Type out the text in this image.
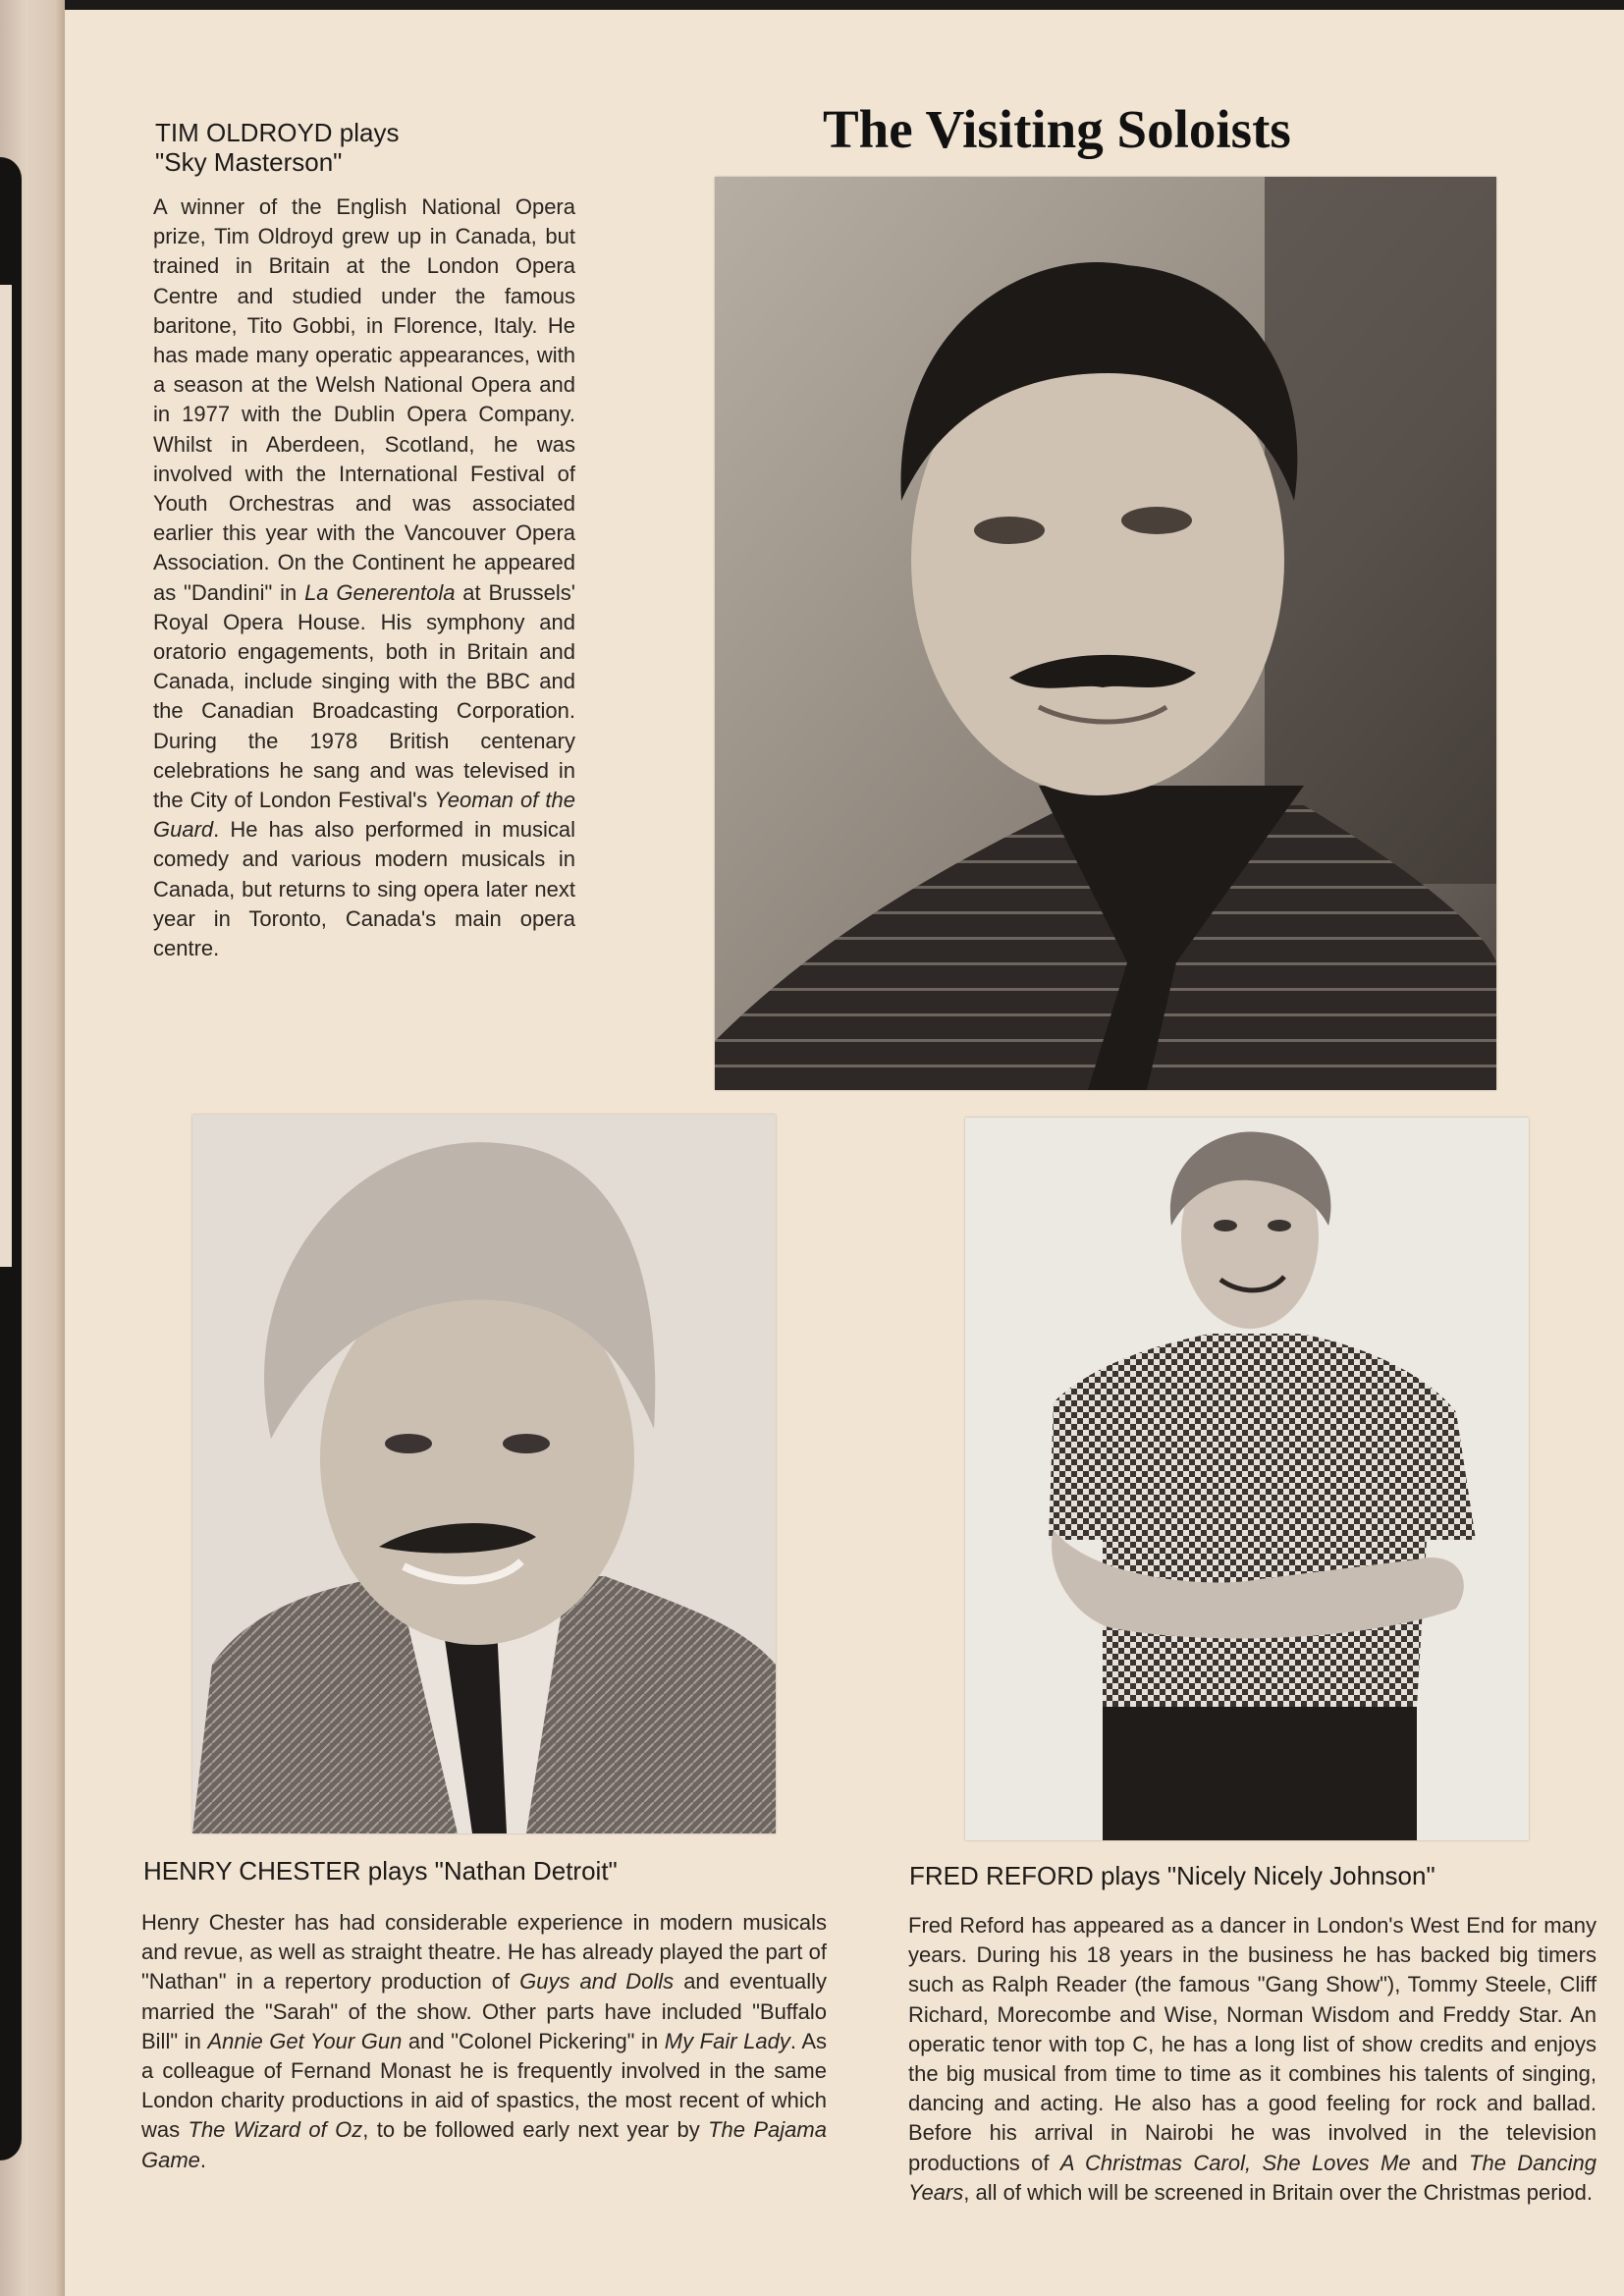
The Visiting Soloists
TIM OLDROYD plays
"Sky Masterson"

A winner of the English National Opera prize, Tim Oldroyd grew up in Canada, but trained in Britain at the London Opera Centre and studied under the famous baritone, Tito Gobbi, in Florence, Italy. He has made many operatic appearances, with a season at the Welsh National Opera and in 1977 with the Dublin Opera Company. Whilst in Aberdeen, Scotland, he was involved with the International Festival of Youth Orchestras and was associated earlier this year with the Vancouver Opera Association. On the Continent he appeared as "Dandini" in La Generentola at Brussels' Royal Opera House. His symphony and oratorio engagements, both in Britain and Canada, include singing with the BBC and the Canadian Broadcasting Corporation. During the 1978 British centenary celebrations he sang and was televised in the City of London Festival's Yeoman of the Guard. He has also performed in musical comedy and various modern musicals in Canada, but returns to sing opera later next year in Toronto, Canada's main opera centre.

HENRY CHESTER plays "Nathan Detroit"

Henry Chester has had considerable experience in modern musicals and revue, as well as straight theatre. He has already played the part of "Nathan" in a repertory production of Guys and Dolls and eventually married the "Sarah" of the show. Other parts have included "Buffalo Bill" in Annie Get Your Gun and "Colonel Pickering" in My Fair Lady. As a colleague of Fernand Monast he is frequently involved in the same London charity productions in aid of spastics, the most recent of which was The Wizard of Oz, to be followed early next year by The Pajama Game.

FRED REFORD plays "Nicely Nicely Johnson"

Fred Reford has appeared as a dancer in London's West End for many years. During his 18 years in the business he has backed big timers such as Ralph Reader (the famous "Gang Show"), Tommy Steele, Cliff Richard, Morecombe and Wise, Norman Wisdom and Freddy Star. An operatic tenor with top C, he has a long list of show credits and enjoys the big musical from time to time as it combines his talents of singing, dancing and acting. He also has a good feeling for rock and ballad. Before his arrival in Nairobi he was involved in the television productions of A Christmas Carol, She Loves Me and The Dancing Years, all of which will be screened in Britain over the Christmas period.
